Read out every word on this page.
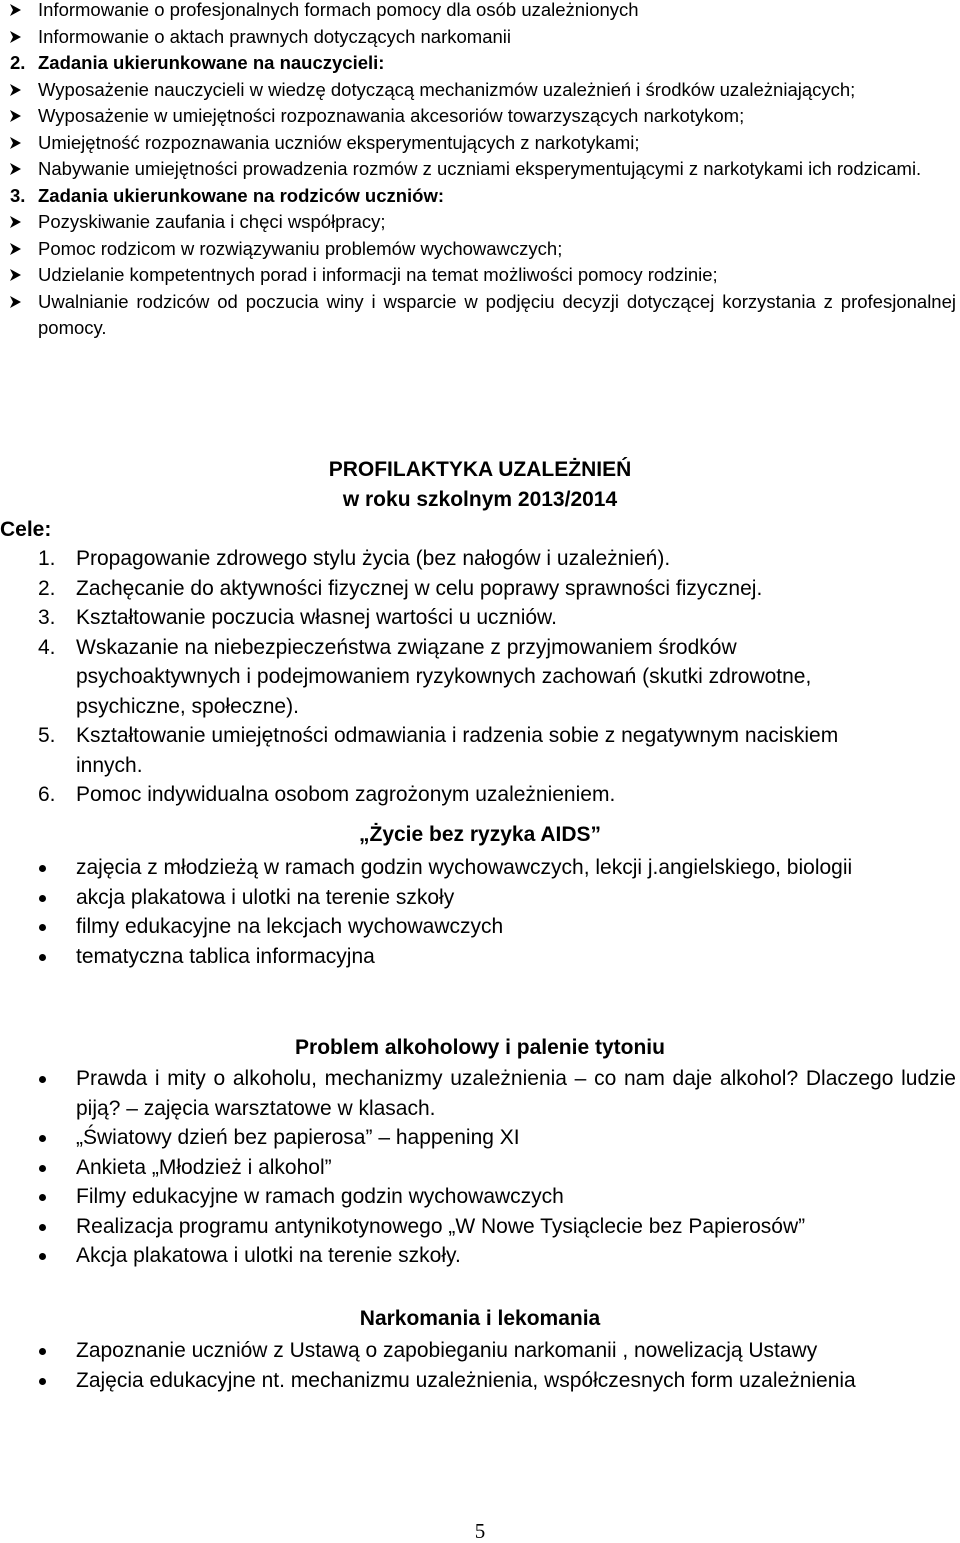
Informowanie o profesjonalnych formach pomocy dla osób uzależnionych
Informowanie o aktach prawnych dotyczących narkomanii
2. Zadania ukierunkowane na nauczycieli:
Wyposażenie nauczycieli w wiedzę dotyczącą mechanizmów uzależnień i środków uzależniających;
Wyposażenie w umiejętności rozpoznawania akcesoriów towarzyszących narkotykom;
Umiejętność rozpoznawania uczniów eksperymentujących z narkotykami;
Nabywanie umiejętności prowadzenia rozmów z uczniami eksperymentującymi z narkotykami ich rodzicami.
3. Zadania ukierunkowane na rodziców uczniów:
Pozyskiwanie zaufania i chęci współpracy;
Pomoc rodzicom w rozwiązywaniu problemów wychowawczych;
Udzielanie kompetentnych porad i informacji na temat możliwości pomocy rodzinie;
Uwalnianie rodziców od poczucia winy i wsparcie w podjęciu decyzji dotyczącej korzystania z profesjonalnej pomocy.
PROFILAKTYKA UZALEŻNIEŃ
w roku szkolnym 2013/2014
Cele:
1. Propagowanie zdrowego stylu życia (bez nałogów i uzależnień).
2. Zachęcanie do aktywności fizycznej w celu poprawy sprawności fizycznej.
3. Kształtowanie poczucia własnej wartości u uczniów.
4. Wskazanie na niebezpieczeństwa związane z przyjmowaniem środków psychoaktywnych i podejmowaniem ryzykownych zachowań (skutki zdrowotne, psychiczne, społeczne).
5. Kształtowanie umiejętności odmawiania i radzenia sobie z negatywnym naciskiem innych.
6. Pomoc indywidualna osobom zagrożonym uzależnieniem.
„Życie bez ryzyka AIDS”
zajęcia z młodzieżą w ramach godzin wychowawczych, lekcji j.angielskiego, biologii
akcja plakatowa i ulotki na terenie szkoły
filmy edukacyjne na lekcjach wychowawczych
tematyczna tablica informacyjna
Problem alkoholowy i palenie tytoniu
Prawda i mity o alkoholu, mechanizmy uzależnienia – co nam daje alkohol? Dlaczego ludzie piją? – zajęcia warsztatowe w klasach.
„Światowy dzień bez papierosa” – happening XI
Ankieta „Młodzież i alkohol”
Filmy edukacyjne w ramach godzin wychowawczych
Realizacja programu antynikotynowego „W Nowe Tysiąclecie bez Papierosów”
Akcja plakatowa i ulotki na terenie szkoły.
Narkomania i lekomania
Zapoznanie uczniów z Ustawą o zapobieganiu narkomanii , nowelizacją Ustawy
Zajęcia edukacyjne nt. mechanizmu uzależnienia, współczesnych form uzależnienia
5
